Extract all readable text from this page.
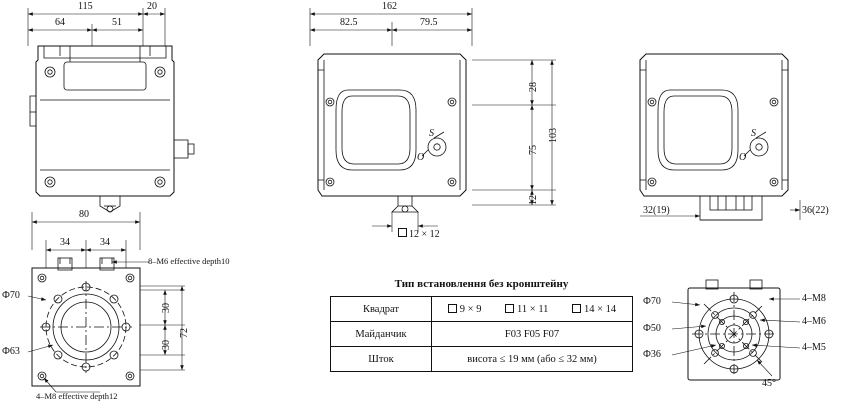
115	20
64	51
162
82.5	79.5
28
75
103
12
12 × 12
S
O
32(19)	36(22)
S
O
80
34	34
30
30
72
Ф70
Ф63
8–M6 effective depth10
4–M8 effective depth12
Ф70
Ф50
Ф36
4–M8
4–M6
4–M5
45°
Тип встановлення без кронштейну
Квадрат	9 × 9 11 × 11 14 × 14

Майданчик	F03 F05 F07
Шток	висота ≤ 19 мм (або ≤ 32 мм)
